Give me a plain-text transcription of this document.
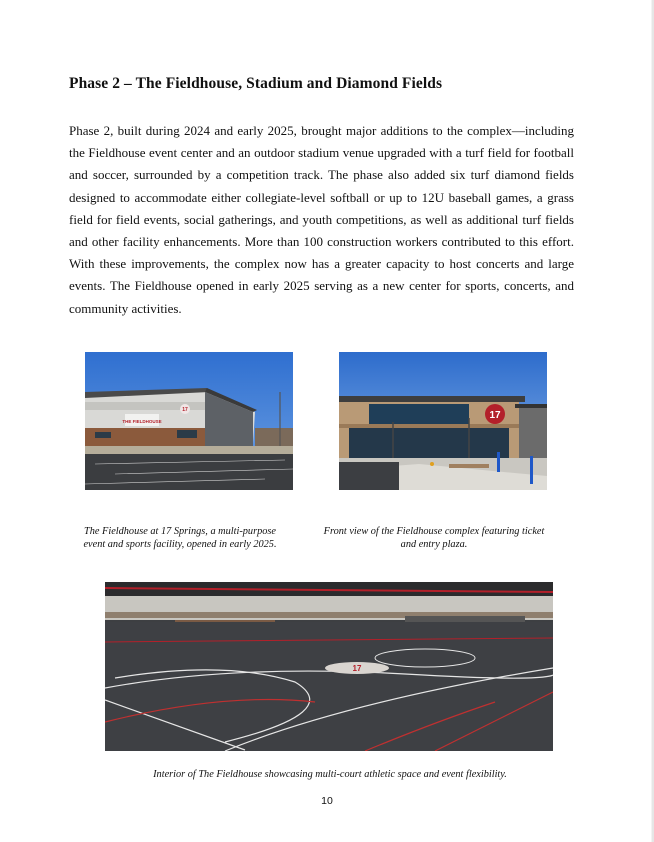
Phase 2 – The Fieldhouse, Stadium and Diamond Fields

Phase 2, built during 2024 and early 2025, brought major additions to the complex—including the Fieldhouse event center and an outdoor stadium venue upgraded with a turf field for football and soccer, surrounded by a competition track. The phase also added six turf diamond fields designed to accommodate either collegiate-level softball or up to 12U baseball games, a grass field for field events, social gatherings, and youth competitions, as well as additional turf fields and other facility enhancements. More than 100 construction workers contributed to this effort. With these improvements, the complex now has a greater capacity to host concerts and large events. The Fieldhouse opened in early 2025 serving as a new center for sports, concerts, and community activities.

THE FIELDHOUSE
17	17

The Fieldhouse at 17 Springs, a multi-purpose event and sports facility, opened in early 2025.

Front view of the Fieldhouse complex featuring ticket and entry plaza.

17

Interior of The Fieldhouse showcasing multi-court athletic space and event flexibility.

10
